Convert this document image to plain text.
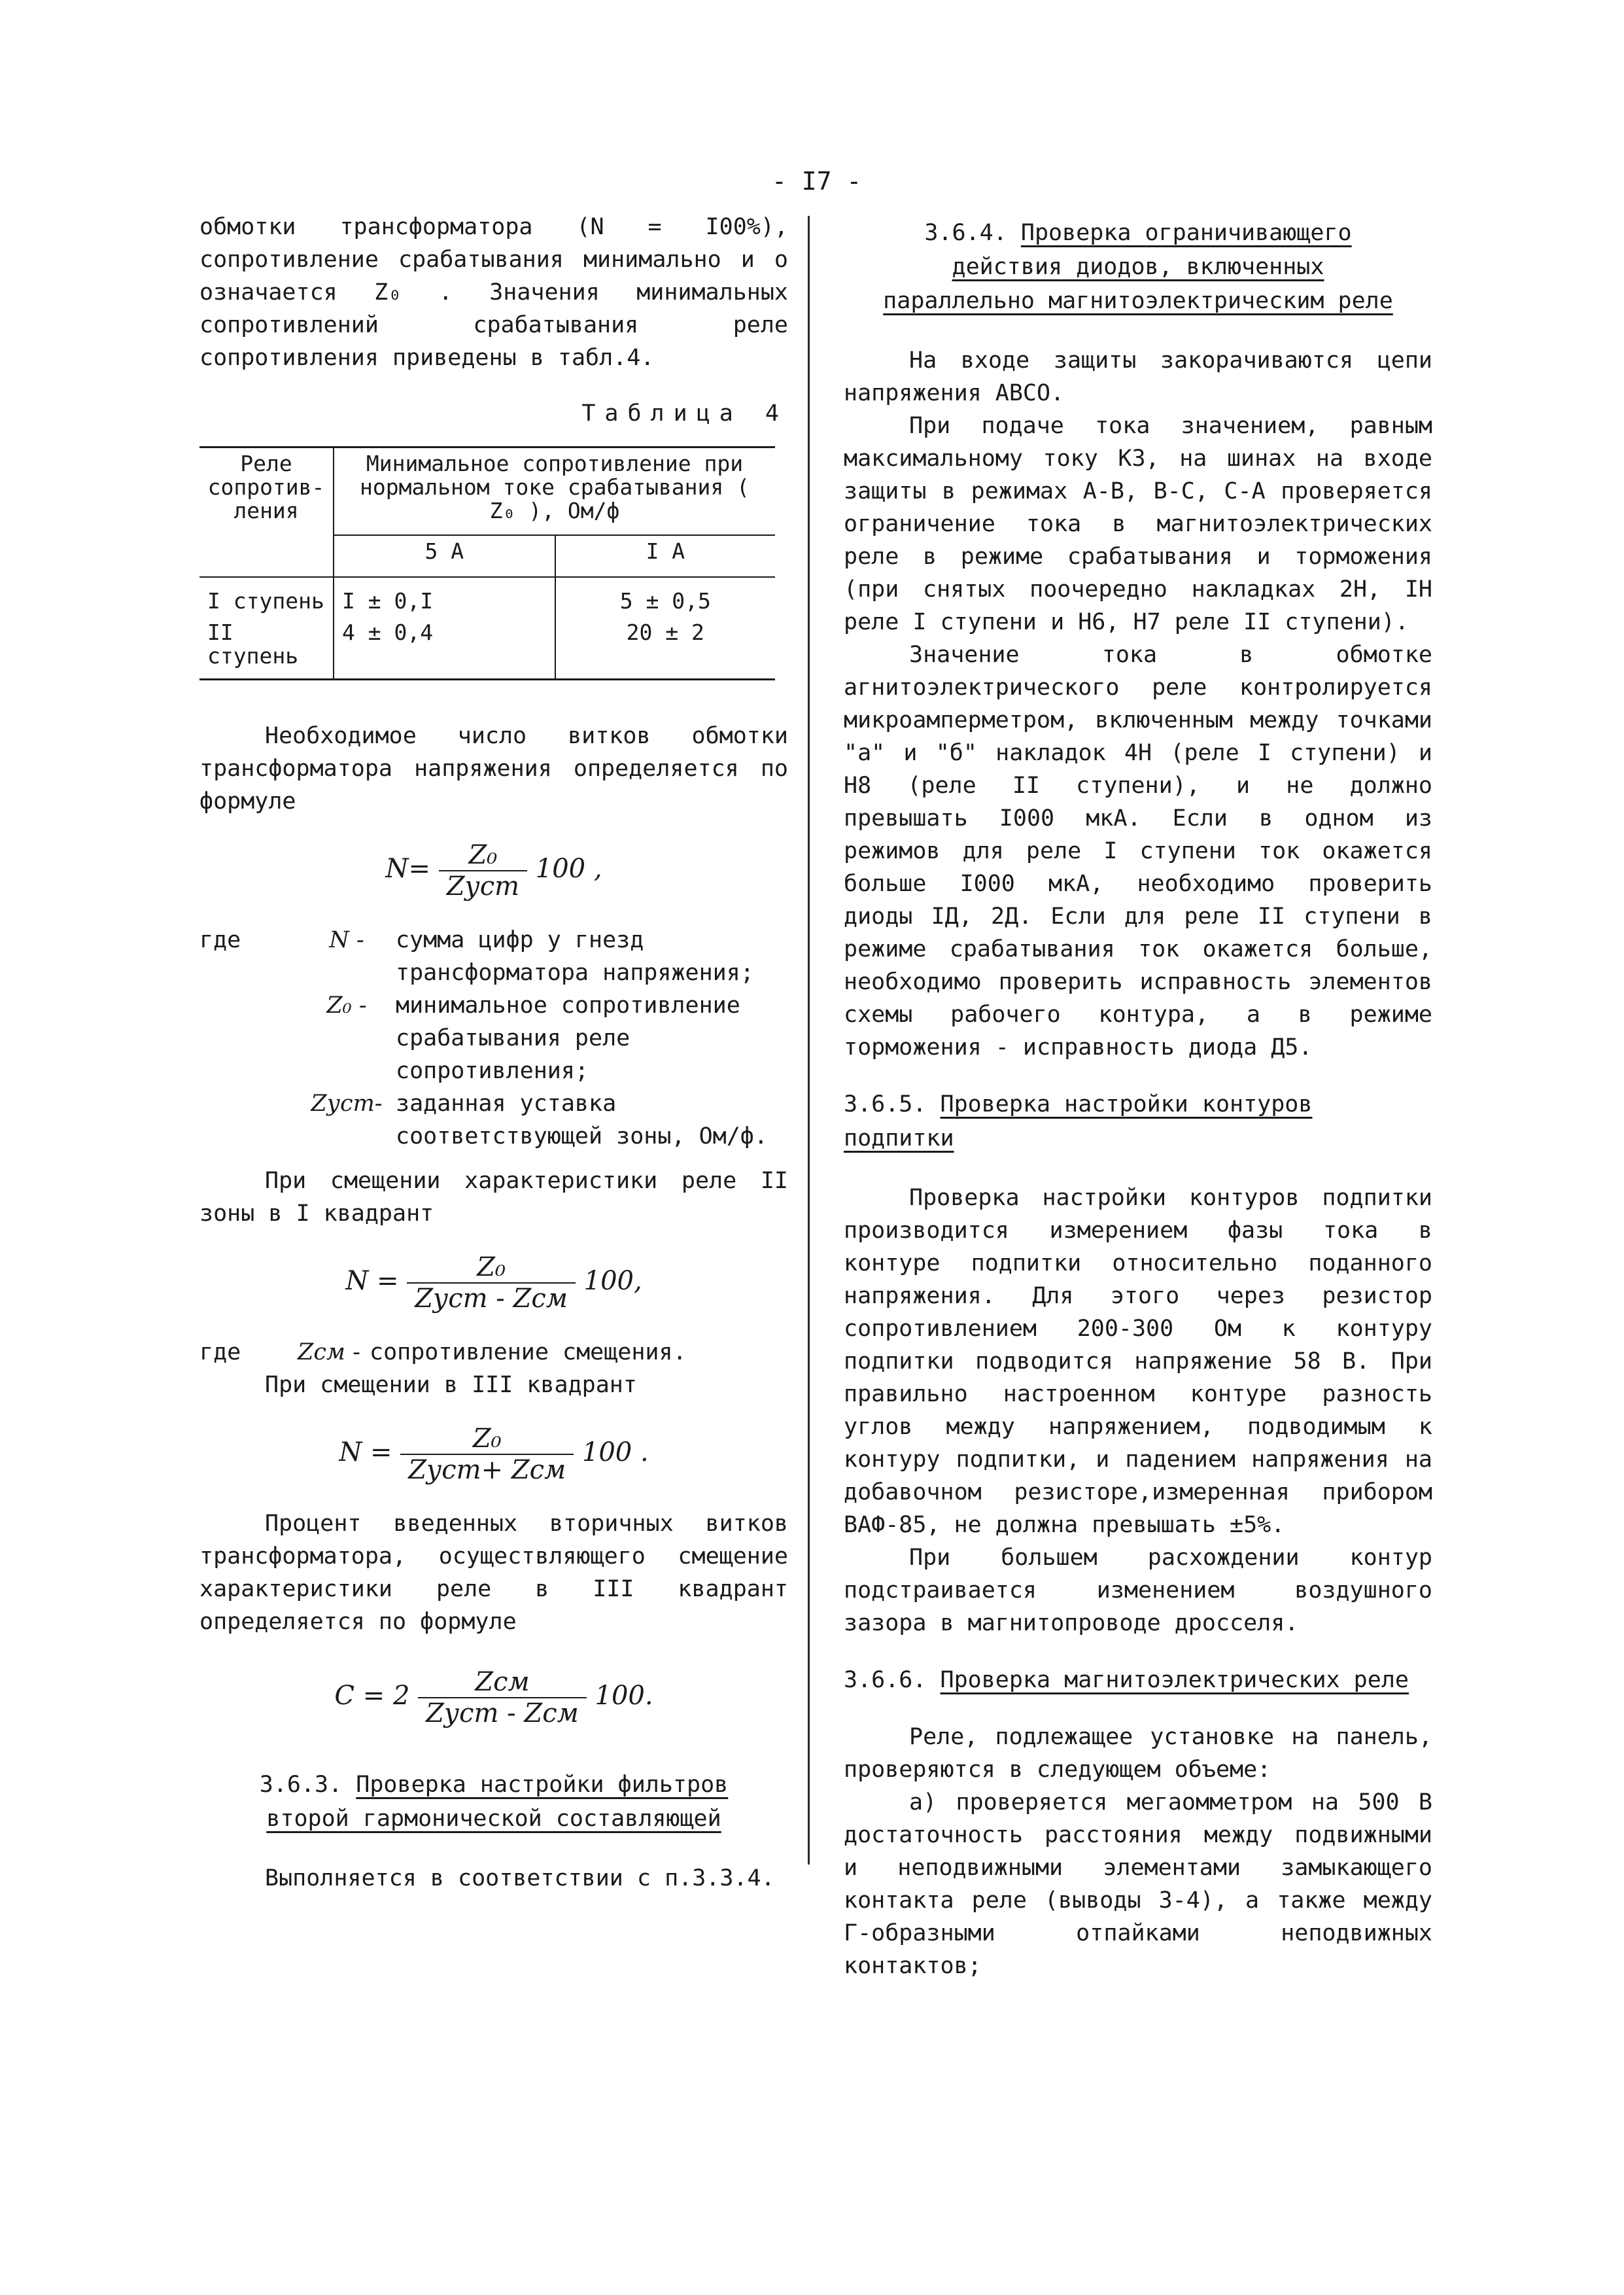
- I7 -

обмотки трансформатора (N = I00%), сопротивление срабатывания минимально и о означается Z₀ . Значения минимальных сопротивлений срабатывания реле сопротивления приведены в табл.4.

Таблица 4
Реле сопротив-ления	Минимальное сопротивление при нормальном токе срабатывания ( Z₀ ), Ом/ф	
	5 А	I А
I ступень	I ± 0,I	5 ± 0,5
II ступень	4 ± 0,4	20 ± 2

Необходимое число витков обмотки трансформатора напряжения определяется по формуле

$N= \frac{\text{Z₀}}{\text{Zуст}} 100$ ,
где	N -	сумма цифр у гнезд трансформатора напряжения;
Z₀ -	минимальное сопротивление срабатывания реле сопротивления;
Zуст- заданная уставка соответствующей зоны, Ом/ф.

При смещении характеристики реле II зоны в I квадрант

$N = \frac{\text{Z₀}}{\text{Zуст - Zсм}} 100$,
где	Zсм - сопротивление смещения.

При смещении в III квадрант

$N = \frac{\text{Z₀}}{\text{Zуст+ Zсм}} 100$ .

Процент введенных вторичных витков трансформатора, осуществляющего смещение характеристики реле в III квадрант определяется по формуле

$C = 2 \frac{\text{Zсм}}{\text{Zуст - Zсм}} 100$.
3.6.3. Проверка настройки фильтров
второй гармонической составляющей

Выполняется в соответствии с п.3.3.4.

3.6.4. Проверка ограничивающего
действия диодов, включенных
параллельно магнитоэлектрическим реле

На входе защиты закорачиваются цепи напряжения АВСО.

При подаче тока значением, равным максимальному току КЗ, на шинах на входе защиты в режимах А-В, В-С, С-А проверяется ограничение тока в магнитоэлектрических реле в режиме срабатывания и торможения (при снятых поочередно накладках 2Н, IН реле I ступени и Н6, Н7 реле II ступени).

Значение тока в обмотке агнитоэлектрического реле контролируется микроамперметром, включенным между точками "а" и "б" накладок 4Н (реле I ступени) и Н8 (реле II ступени), и не должно превышать I000 мкА. Если в одном из режимов для реле I ступени ток окажется больше I000 мкА, необходимо проверить диоды IД, 2Д. Если для реле II ступени в режиме срабатывания ток окажется больше, необходимо проверить исправность элементов схемы рабочего контура, а в режиме торможения - исправность диода Д5.

3.6.5. Проверка настройки контуров подпитки

Проверка настройки контуров подпитки производится измерением фазы тока в контуре подпитки относительно поданного напряжения. Для этого через резистор сопротивлением 200-300 Ом к контуру подпитки подводится напряжение 58 В. При правильно настроенном контуре разность углов между напряжением, подводимым к контуру подпитки, и падением напряжения на добавочном резисторе,измеренная прибором ВАФ-85, не должна превышать ±5%.

При большем расхождении контур подстраивается изменением воздушного зазора в магнитопроводе дросселя.

3.6.6. Проверка магнитоэлектрических реле

Реле, подлежащее установке на панель, проверяются в следующем объеме:

а) проверяется мегаомметром на 500 В достаточность расстояния между подвижными и неподвижными элементами замыкающего контакта реле (выводы 3-4), а также между Г-образными отпайками неподвижных контактов;
